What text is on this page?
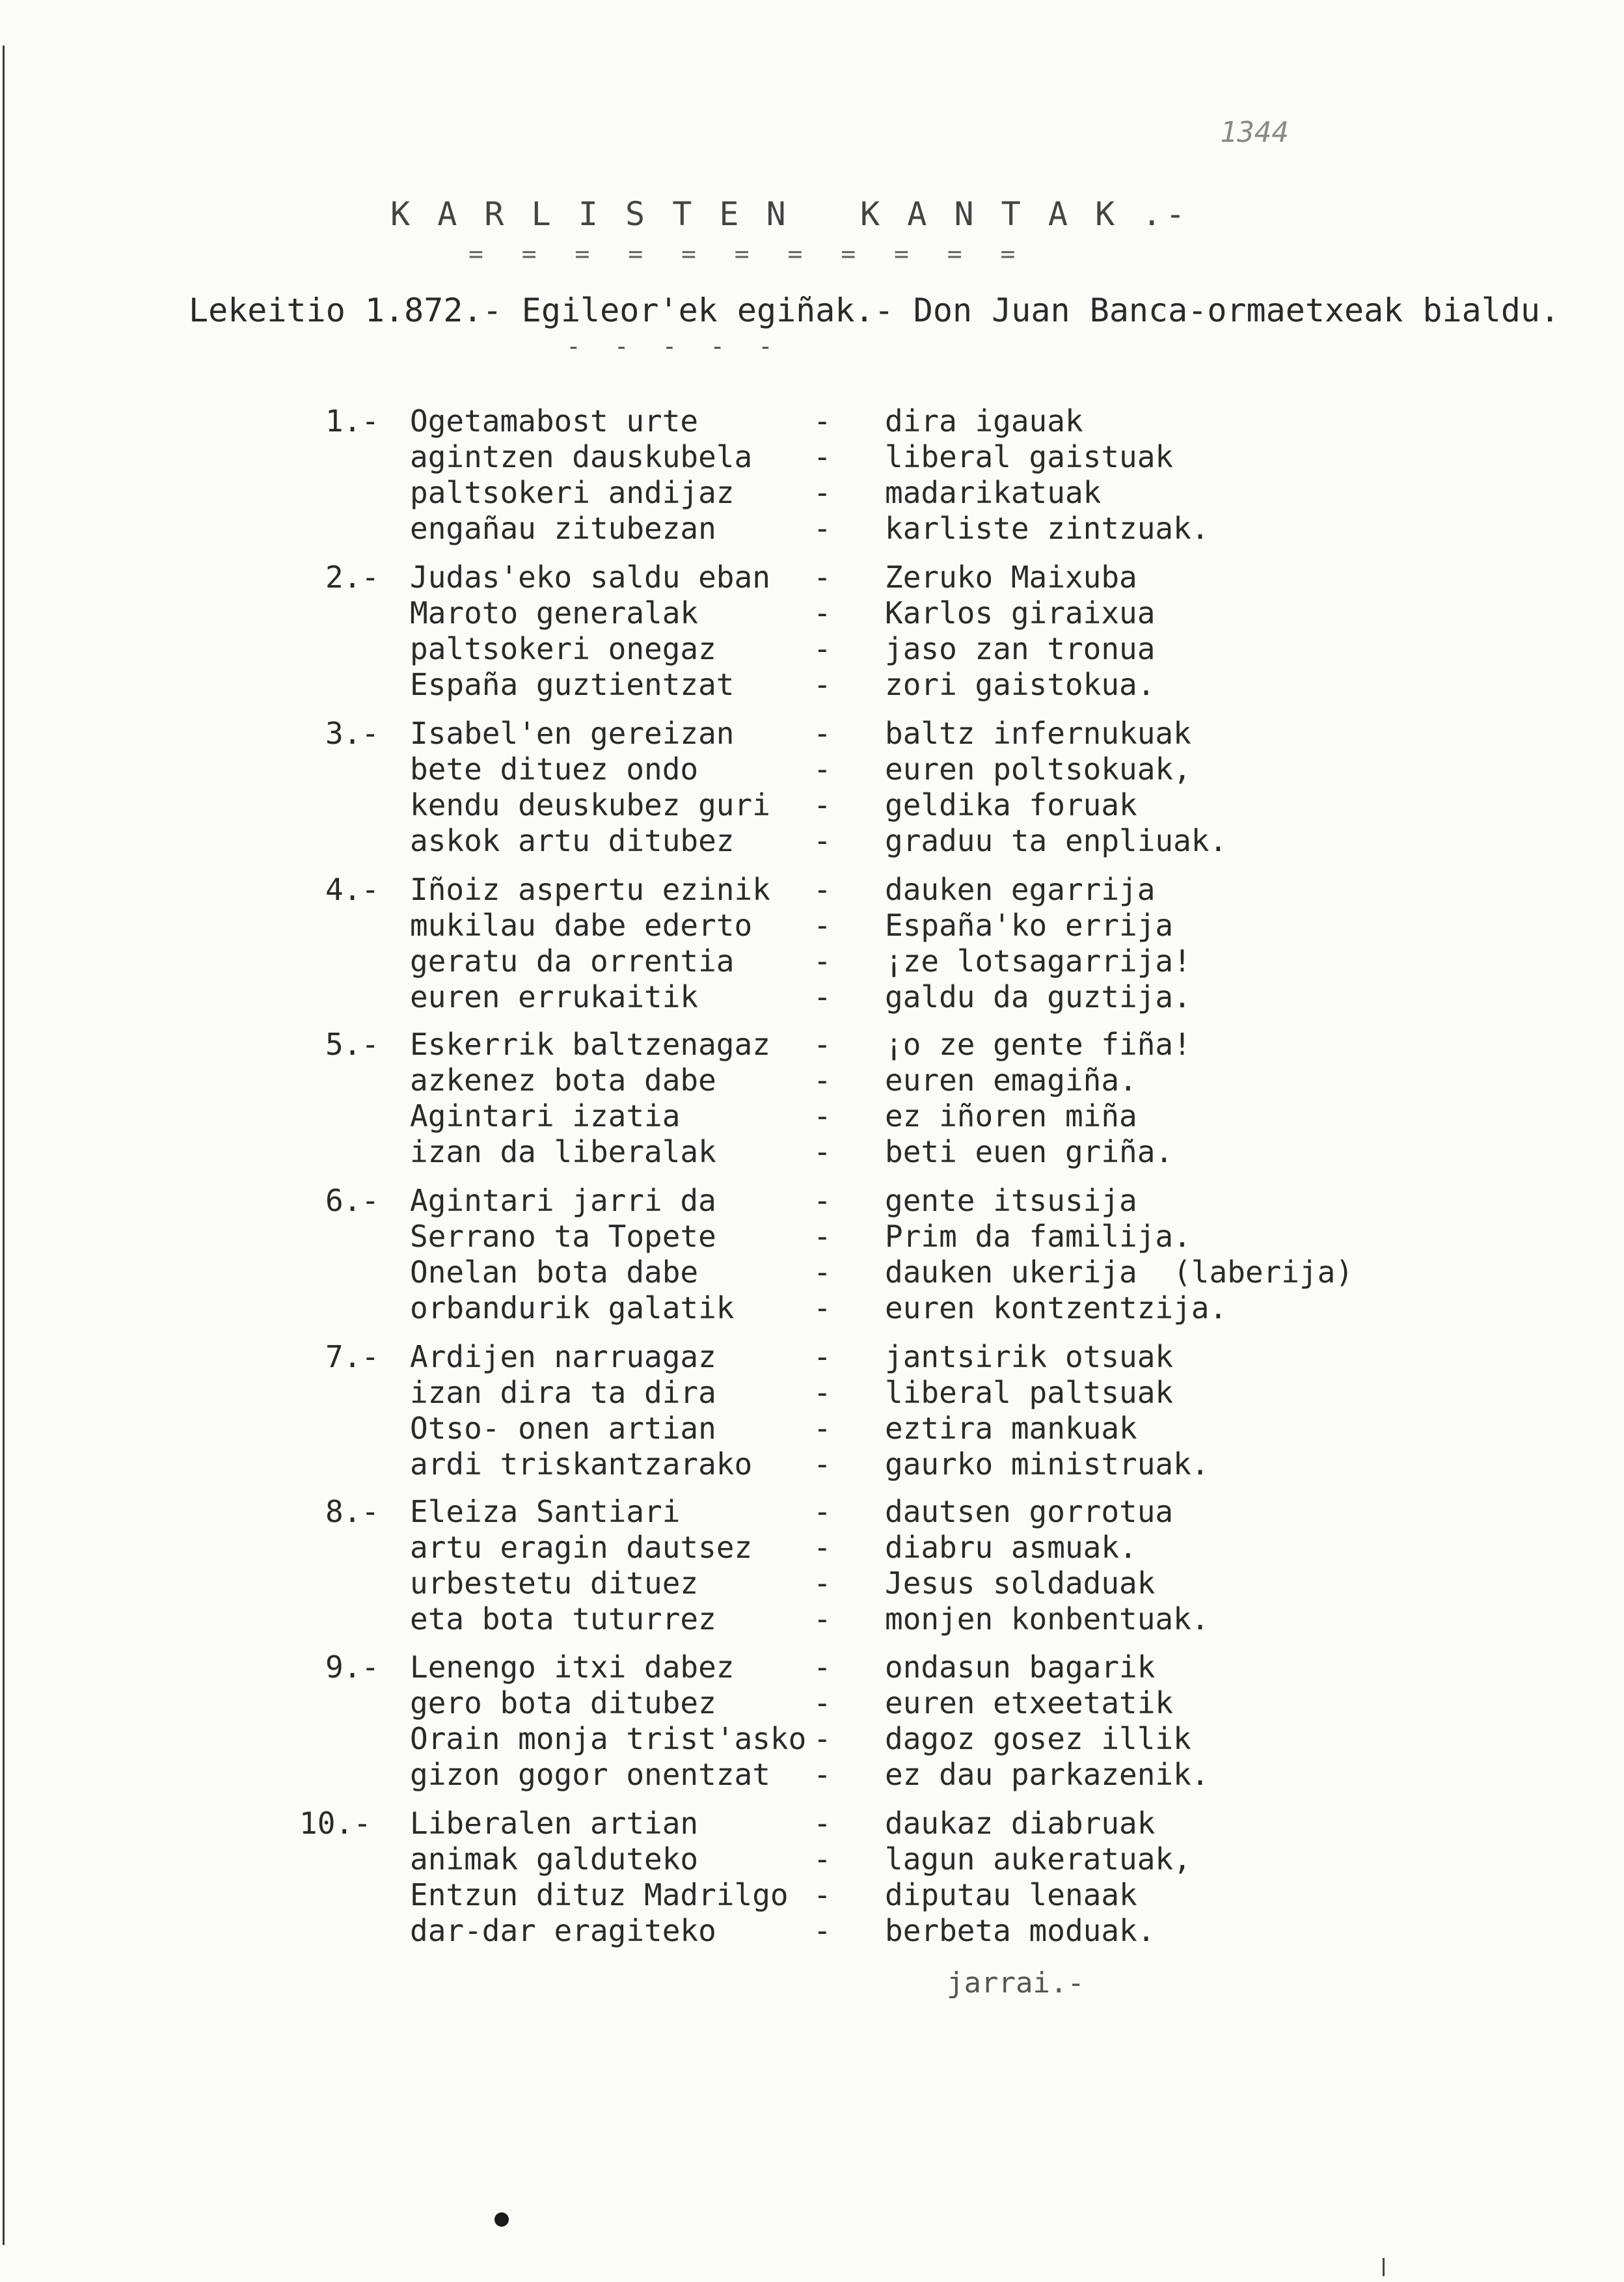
1344
K A R L I S T E N   K A N T A K .-
= = = = = = = = = = =
Lekeitio 1.872.- Egileor'ek egiñak.- Don Juan Banca-ormaetxeak bialdu.
- - - - -
1.- Ogetamabost urte	- dira igauak
agintzen dauskubela - liberal gaistuak
paltsokeri andijaz	- madarikatuak
engañau zitubezan	- karliste zintzuak.
2.- Judas'eko saldu eban - Zeruko Maixuba
Maroto generalak	- Karlos giraixua
paltsokeri onegaz	- jaso zan tronua
España guztientzat	- zori gaistokua.
3.- Isabel'en gereizan	- baltz infernukuak
bete dituez ondo	- euren poltsokuak,
kendu deuskubez guri - geldika foruak
askok artu ditubez	- graduu ta enpliuak.
4.- Iñoiz aspertu ezinik - dauken egarrija
mukilau dabe ederto - España'ko errija
geratu da orrentia	- ¡ze lotsagarrija!
euren errukaitik	- galdu da guztija.
5.- Eskerrik baltzenagaz - ¡o ze gente fiña!
azkenez bota dabe	- euren emagiña.
Agintari izatia	- ez iñoren miña
izan da liberalak	- beti euen griña.
6.- Agintari jarri da	- gente itsusija
Serrano ta Topete	- Prim da familija.
Onelan bota dabe	- dauken ukerija  (laberija)
orbandurik galatik	- euren kontzentzija.
7.- Ardijen narruagaz	- jantsirik otsuak
izan dira ta dira	- liberal paltsuak
Otso- onen artian	- eztira mankuak
ardi triskantzarako - gaurko ministruak.
8.- Eleiza Santiari	- dautsen gorrotua
artu eragin dautsez - diabru asmuak.
urbestetu dituez	- Jesus soldaduak
eta bota tuturrez	- monjen konbentuak.
9.- Lenengo itxi dabez	- ondasun bagarik
gero bota ditubez	- euren etxeetatik
Orain monja trist'asko - dagoz gosez illik
gizon gogor onentzat - ez dau parkazenik.
10.- Liberalen artian	- daukaz diabruak
animak galduteko	- lagun aukeratuak,
Entzun dituz Madrilgo - diputau lenaak
dar-dar eragiteko	- berbeta moduak.
jarrai.-
